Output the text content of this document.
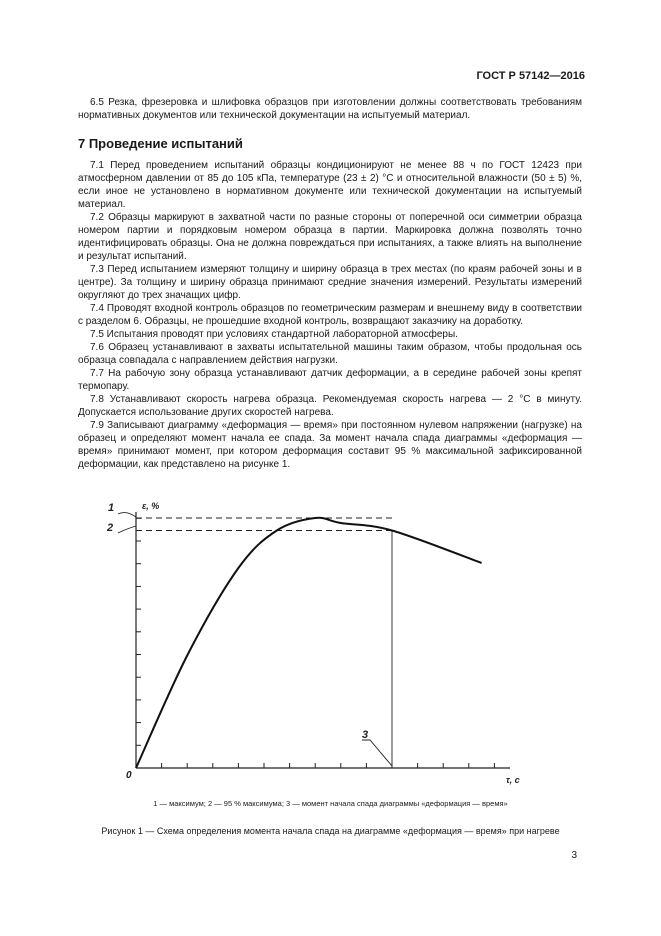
ГОСТ Р 57142—2016

6.5 Резка, фрезеровка и шлифовка образцов при изготовлении должны соответствовать требованиям нормативных документов или технической документации на испытуемый материал.

7 Проведение испытаний

7.1 Перед проведением испытаний образцы кондиционируют не менее 88 ч по ГОСТ 12423 при атмосферном давлении от 85 до 105 кПа, температуре (23 ± 2) °С и относительной влажности (50 ± 5) %, если иное не установлено в нормативном документе или технической документации на испытуемый материал.

7.2 Образцы маркируют в захватной части по разные стороны от поперечной оси симметрии образца номером партии и порядковым номером образца в партии. Маркировка должна позволять точно идентифицировать образцы. Она не должна повреждаться при испытаниях, а также влиять на выполнение и результат испытаний.

7.3 Перед испытанием измеряют толщину и ширину образца в трех местах (по краям рабочей зоны и в центре). За толщину и ширину образца принимают средние значения измерений. Результаты измерений округляют до трех значащих цифр.

7.4 Проводят входной контроль образцов по геометрическим размерам и внешнему виду в соответствии с разделом 6. Образцы, не прошедшие входной контроль, возвращают заказчику на доработку.

7.5 Испытания проводят при условиях стандартной лабораторной атмосферы.

7.6 Образец устанавливают в захваты испытательной машины таким образом, чтобы продольная ось образца совпадала с направлением действия нагрузки.

7.7 На рабочую зону образца устанавливают датчик деформации, а в середине рабочей зоны крепят термопару.

7.8 Устанавливают скорость нагрева образца. Рекомендуемая скорость нагрева — 2 °С в минуту. Допускается использование других скоростей нагрева.

7.9 Записывают диаграмму «деформация — время» при постоянном нулевом напряжении (нагрузке) на образец и определяют момент начала ее спада. За момент начала спада диаграммы «деформация — время» принимают момент, при котором деформация составит 95 % максимальной зафиксированной деформации, как представлено на рисунке 1.

ε, %
τ, с
0
1
2
3
1 — максимум; 2 — 95 % максимума; 3 — момент начала спада диаграммы «деформация — время»
Рисунок 1 — Схема определения момента начала спада на диаграмме «деформация — время» при нагреве
3
